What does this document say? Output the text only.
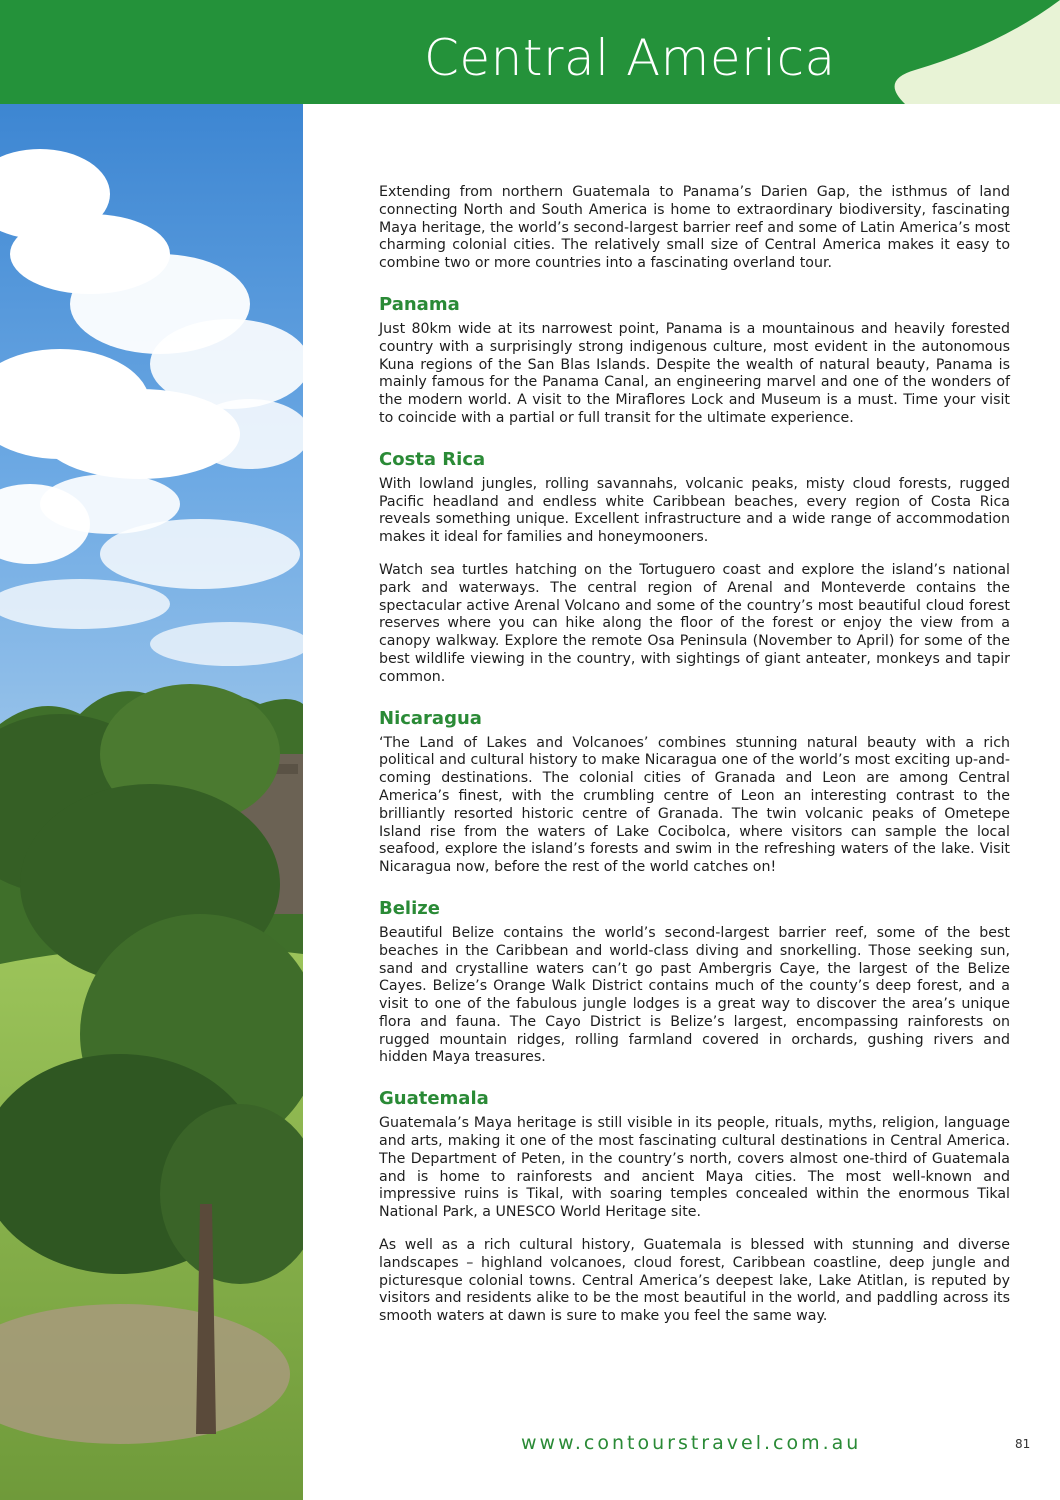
Central America

Extending from northern Guatemala to Panama’s Darien Gap, the isthmus of land connecting North and South America is home to extraordinary biodiversity, fascinating Maya heritage, the world’s second-largest barrier reef and some of Latin America’s most charming colonial cities. The relatively small size of Central America makes it easy to combine two or more countries into a fascinating overland tour.

Panama

Just 80km wide at its narrowest point, Panama is a mountainous and heavily forested country with a surprisingly strong indigenous culture, most evident in the autonomous Kuna regions of the San Blas Islands. Despite the wealth of natural beauty, Panama is mainly famous for the Panama Canal, an engineering marvel and one of the wonders of the modern world. A visit to the Miraflores Lock and Museum is a must. Time your visit to coincide with a partial or full transit for the ultimate experience.

Costa Rica

With lowland jungles, rolling savannahs, volcanic peaks, misty cloud forests, rugged Pacific headland and endless white Caribbean beaches, every region of Costa Rica reveals something unique. Excellent infrastructure and a wide range of accommodation makes it ideal for families and honeymooners.

Watch sea turtles hatching on the Tortuguero coast and explore the island’s national park and waterways. The central region of Arenal and Monteverde contains the spectacular active Arenal Volcano and some of the country’s most beautiful cloud forest reserves where you can hike along the floor of the forest or enjoy the view from a canopy walkway. Explore the remote Osa Peninsula (November to April) for some of the best wildlife viewing in the country, with sightings of giant anteater, monkeys and tapir common.

Nicaragua

‘The Land of Lakes and Volcanoes’ combines stunning natural beauty with a rich political and cultural history to make Nicaragua one of the world’s most exciting up-and-coming destinations. The colonial cities of Granada and Leon are among Central America’s finest, with the crumbling centre of Leon an interesting contrast to the brilliantly resorted historic centre of Granada. The twin volcanic peaks of Ometepe Island rise from the waters of Lake Cocibolca, where visitors can sample the local seafood, explore the island’s forests and swim in the refreshing waters of the lake. Visit Nicaragua now, before the rest of the world catches on!

Belize

Beautiful Belize contains the world’s second-largest barrier reef, some of the best beaches in the Caribbean and world-class diving and snorkelling. Those seeking sun, sand and crystalline waters can’t go past Ambergris Caye, the largest of the Belize Cayes. Belize’s Orange Walk District contains much of the county’s deep forest, and a visit to one of the fabulous jungle lodges is a great way to discover the area’s unique flora and fauna. The Cayo District is Belize’s largest, encompassing rainforests on rugged mountain ridges, rolling farmland covered in orchards, gushing rivers and hidden Maya treasures.

Guatemala

Guatemala’s Maya heritage is still visible in its people, rituals, myths, religion, language and arts, making it one of the most fascinating cultural destinations in Central America. The Department of Peten, in the country’s north, covers almost one-third of Guatemala and is home to rainforests and ancient Maya cities. The most well-known and impressive ruins is Tikal, with soaring temples concealed within the enormous Tikal National Park, a UNESCO World Heritage site.

As well as a rich cultural history, Guatemala is blessed with stunning and diverse landscapes – highland volcanoes, cloud forest, Caribbean coastline, deep jungle and picturesque colonial towns. Central America’s deepest lake, Lake Atitlan, is reputed by visitors and residents alike to be the most beautiful in the world, and paddling across its smooth waters at dawn is sure to make you feel the same way.

www.contourstravel.com.au	81
